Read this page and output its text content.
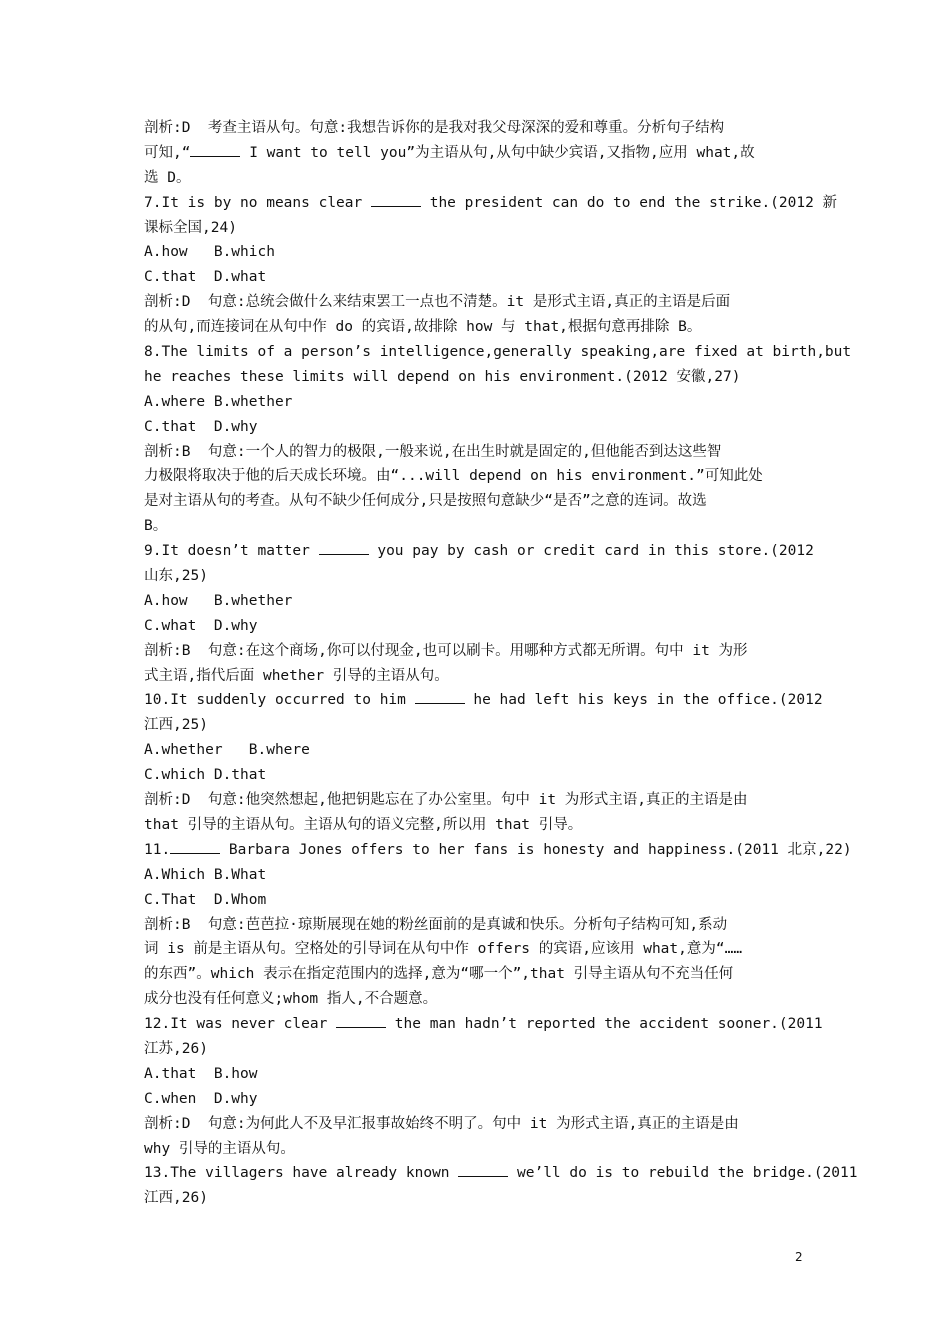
剖析:D  考查主语从句。句意:我想告诉你的是我对我父母深深的爱和尊重。分析句子结构
可知,“	I want to tell you”为主语从句,从句中缺少宾语,又指物,应用 what,故
选 D。
7.It is by no means clear	the president can do to end the strike.(2012 新
课标全国,24)
A.how   B.which
C.that  D.what
剖析:D  句意:总统会做什么来结束罢工一点也不清楚。it 是形式主语,真正的主语是后面
的从句,而连接词在从句中作 do 的宾语,故排除 how 与 that,根据句意再排除 B。
8.The limits of a person’s intelligence,generally speaking,are fixed at birth,but
he reaches these limits will depend on his environment.(2012 安徽,27)
A.where B.whether
C.that  D.why
剖析:B  句意:一个人的智力的极限,一般来说,在出生时就是固定的,但他能否到达这些智
力极限将取决于他的后天成长环境。由“...will depend on his environment.”可知此处
是对主语从句的考查。从句不缺少任何成分,只是按照句意缺少“是否”之意的连词。故选
B。
9.It doesn’t matter	you pay by cash or credit card in this store.(2012
山东,25)
A.how   B.whether
C.what  D.why
剖析:B  句意:在这个商场,你可以付现金,也可以刷卡。用哪种方式都无所谓。句中 it 为形
式主语,指代后面 whether 引导的主语从句。
10.It suddenly occurred to him	he had left his keys in the office.(2012
江西,25)
A.whether   B.where
C.which D.that
剖析:D  句意:他突然想起,他把钥匙忘在了办公室里。句中 it 为形式主语,真正的主语是由
that 引导的主语从句。主语从句的语义完整,所以用 that 引导。
11.	Barbara Jones offers to her fans is honesty and happiness.(2011 北京,22)
A.Which B.What
C.That  D.Whom
剖析:B  句意:芭芭拉·琼斯展现在她的粉丝面前的是真诚和快乐。分析句子结构可知,系动
词 is 前是主语从句。空格处的引导词在从句中作 offers 的宾语,应该用 what,意为“……
的东西”。which 表示在指定范围内的选择,意为“哪一个”,that 引导主语从句不充当任何
成分也没有任何意义;whom 指人,不合题意。
12.It was never clear	the man hadn’t reported the accident sooner.(2011
江苏,26)
A.that  B.how
C.when  D.why
剖析:D  句意:为何此人不及早汇报事故始终不明了。句中 it 为形式主语,真正的主语是由
why 引导的主语从句。
13.The villagers have already known	we’ll do is to rebuild the bridge.(2011
江西,26)
2
